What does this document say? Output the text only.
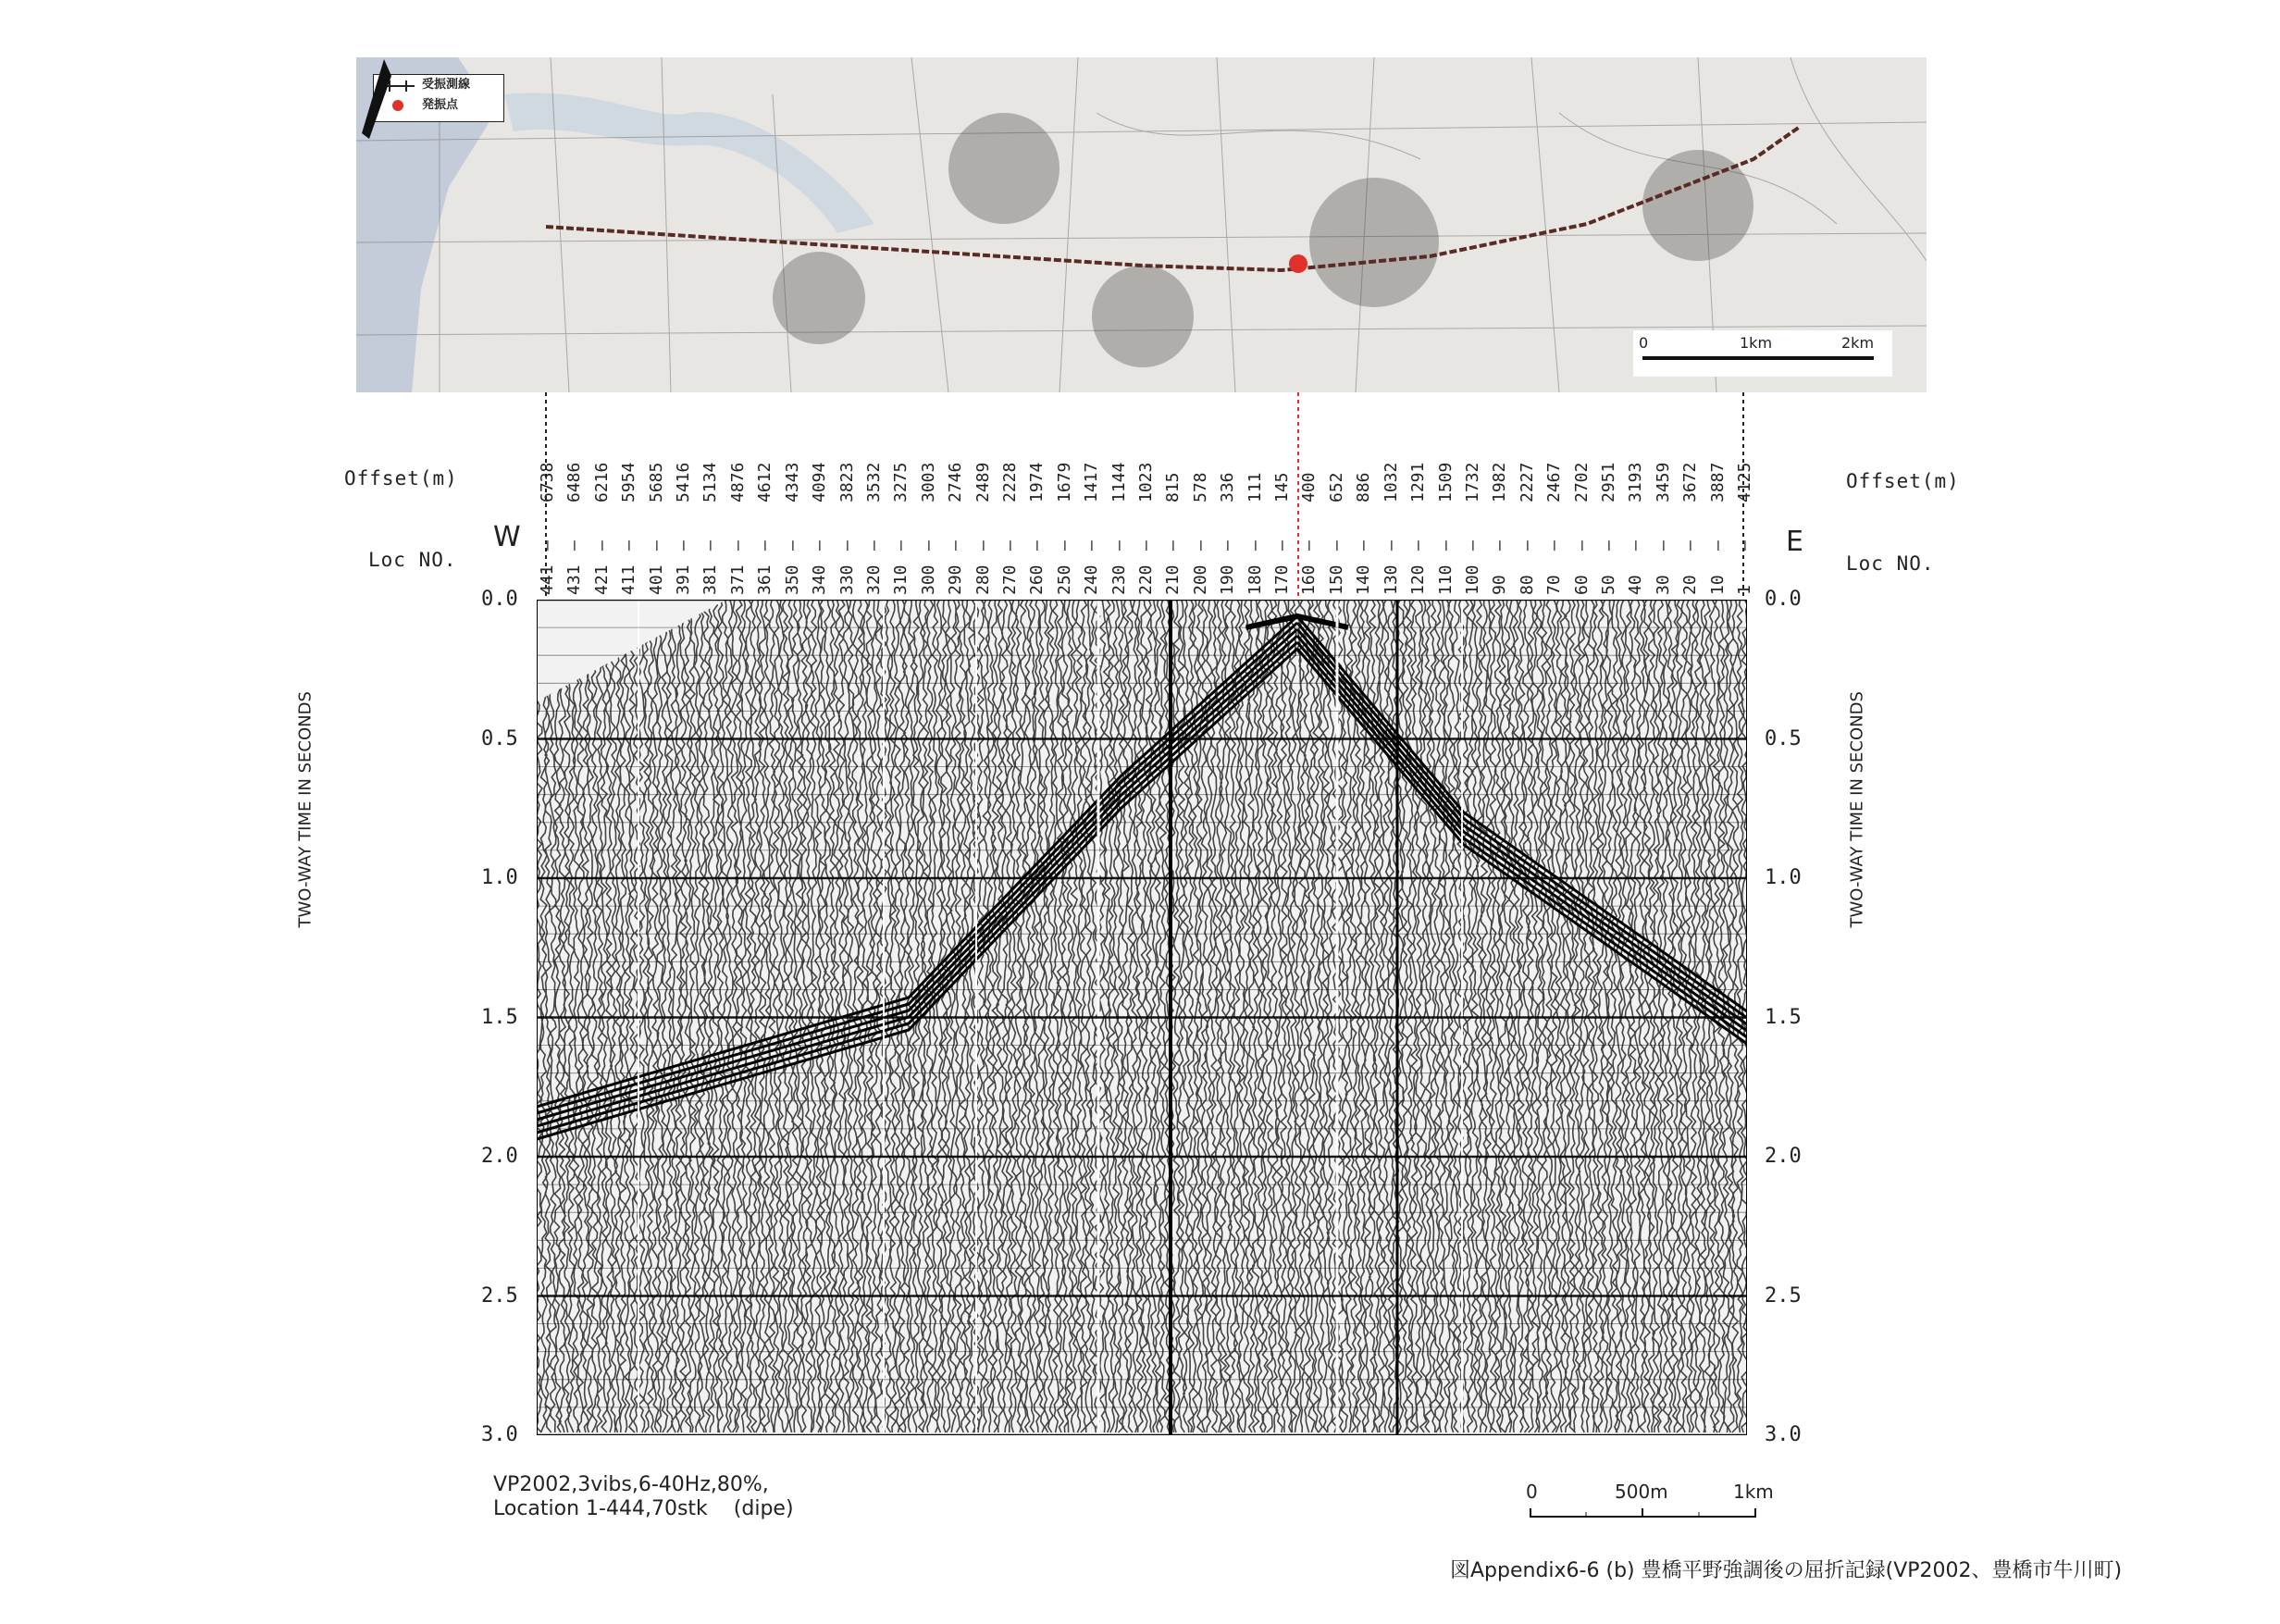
受振測線
発振点
0	1km	2km
Offset(m)	Offset(m)
Loc NO.	Loc NO.
W	E
TWO-WAY TIME IN SECONDS	TWO-WAY TIME IN SECONDS
0.0
0.5
1.0
1.5
2.0
2.5
3.0
0.0
0.5
1.0
1.5
2.0
2.5
3.0
6738
—
441
6486
—
431
6216
—
421
5954
—
411
5685
—
401
5416
—
391
5134
—
381
4876
—
371
4612
—
361
4343
—
350
4094
—
340
3823
—
330
3532
—
320
3275
—
310
3003
—
300
2746
—
290
2489
—
280
2228
—
270
1974
—
260
1679
—
250
1417
—
240
1144
—
230
1023
—
220
815
—
210
578
—
200
336
—
190
111
—
180
145
—
170
400
—
160
652
—
150
886
—
140
1032
—
130
1291
—
120
1509
—
110
1732
—
100
1982
—
90
2227
—
80
2467
—
70
2702
—
60
2951
—
50
3193
—
40
3459
—
30
3672
—
20
3887
—
10
4125
—
1
VP2002,3vibs,6-40Hz,80%,
Location 1-444,70stk (dipe)
0	500m	1km
図Appendix6-6 (b) 豊橋平野強調後の屈折記録(VP2002、豊橋市牛川町)
